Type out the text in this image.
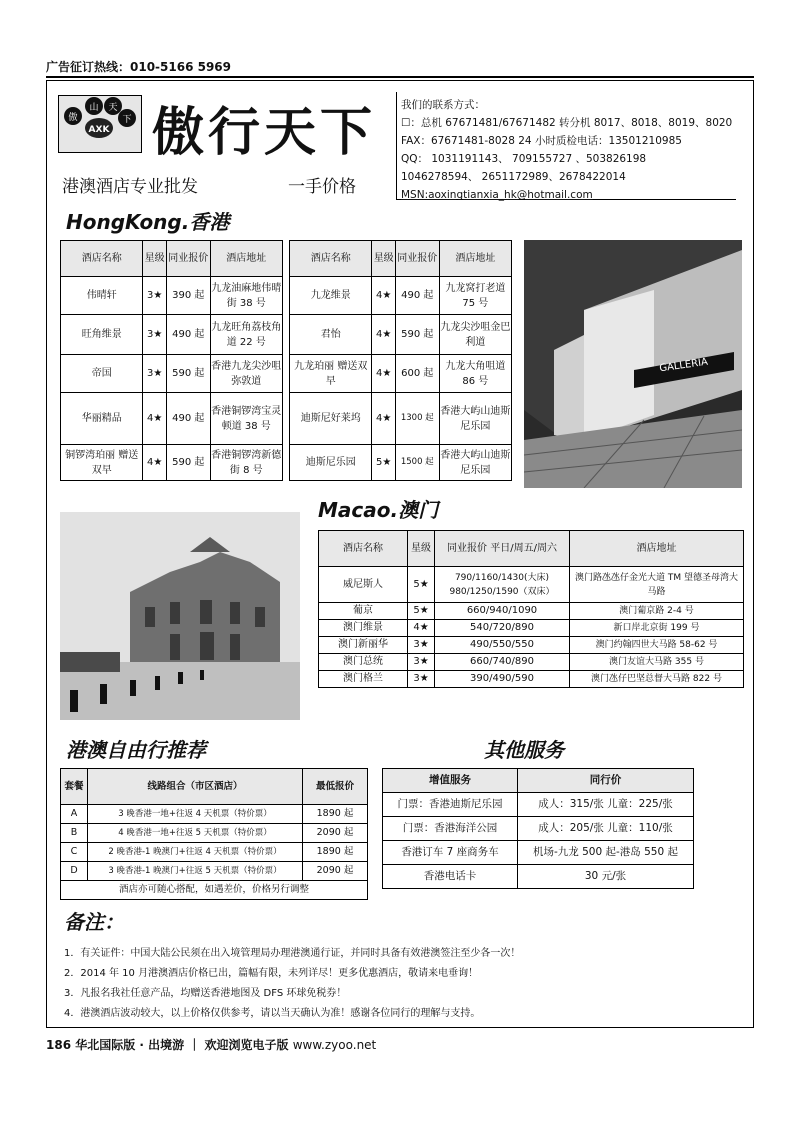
广告征订热线：010-5166 5969
山 天
傲	下
AXK 傲行天下
港澳酒店专业批发	一手价格
我们的联系方式：
☐：总机 67671481/67671482 转分机 8017、8018、8019、8020
FAX：67671481-8028 24 小时质检电话：13501210985
QQ： 1031191143、 709155727 、503826198
1046278594、 2651172989、2678422014
MSN:aoxingtianxia_hk@hotmail.com
HongKong.香港
酒店名称	星级	同业报价	酒店地址		酒店名称	星级	同业报价	酒店地址
伟晴轩	3★	390 起	九龙油麻地伟晴街 38 号		九龙维景	4★	490 起	九龙窝打老道 75 号
旺角维景	3★	490 起	九龙旺角荔枝角道 22 号		君怡	4★	590 起	九龙尖沙咀金巴利道
帝国	3★	590 起	香港九龙尖沙咀弥敦道		九龙珀丽 赠送双早	4★	600 起	九龙大角咀道 86 号
华丽精品	4★	490 起	香港铜锣湾宝灵顿道 38 号		迪斯尼好莱坞	4★	1300 起	香港大屿山迪斯尼乐园
铜锣湾珀丽 赠送双早	4★	590 起	香港铜锣湾新德街 8 号		迪斯尼乐园	5★	1500 起	香港大屿山迪斯尼乐园
GALLERIA
Macao.澳门
酒店名称	星级	同业报价 平日/周五/周六	酒店地址
威尼斯人	5★	790/1160/1430(大床) 980/1250/1590（双床）	澳门路氹氹仔金光大道 TM 望德圣母湾大马路
葡京	5★	660/940/1090	澳门葡京路 2-4 号
澳门维景	4★	540/720/890	新口岸北京街 199 号
澳门新丽华	3★	490/550/550	澳门约翰四世大马路 58-62 号
澳门总统	3★	660/740/890	澳门友谊大马路 355 号
澳门格兰	3★	390/490/590	澳门氹仔巴坚总督大马路 822 号
港澳自由行推荐
套餐	线路组合（市区酒店）	最低报价
A	3 晚香港一地+往返 4 天机票（特价票）	1890 起
B	4 晚香港一地+往返 5 天机票（特价票）	2090 起
C	2 晚香港-1 晚澳门+往返 4 天机票（特价票）	1890 起
D	3 晚香港-1 晚澳门+往返 5 天机票（特价票）	2090 起
酒店亦可随心搭配，如遇差价，价格另行调整		
其他服务
增值服务	同行价
门票：香港迪斯尼乐园	成人：315/张 儿童：225/张
门票：香港海洋公园	成人：205/张 儿童：110/张
香港订车 7 座商务车	机场-九龙 500 起-港岛 550 起
香港电话卡	30 元/张
备注：
1．有关证件：中国大陆公民须在出入境管理局办理港澳通行证，并同时具备有效港澳签注至少各一次！
2．2014 年 10 月港澳酒店价格已出，篇幅有限，未列详尽！更多优惠酒店，敬请来电垂询！
3．凡报名我社任意产品，均赠送香港地图及 DFS 环球免税券！
4．港澳酒店波动较大，以上价格仅供参考，请以当天确认为准！感谢各位同行的理解与支持。
186 华北国际版 · 出境游 ｜ 欢迎浏览电子版 www.zyoo.net
